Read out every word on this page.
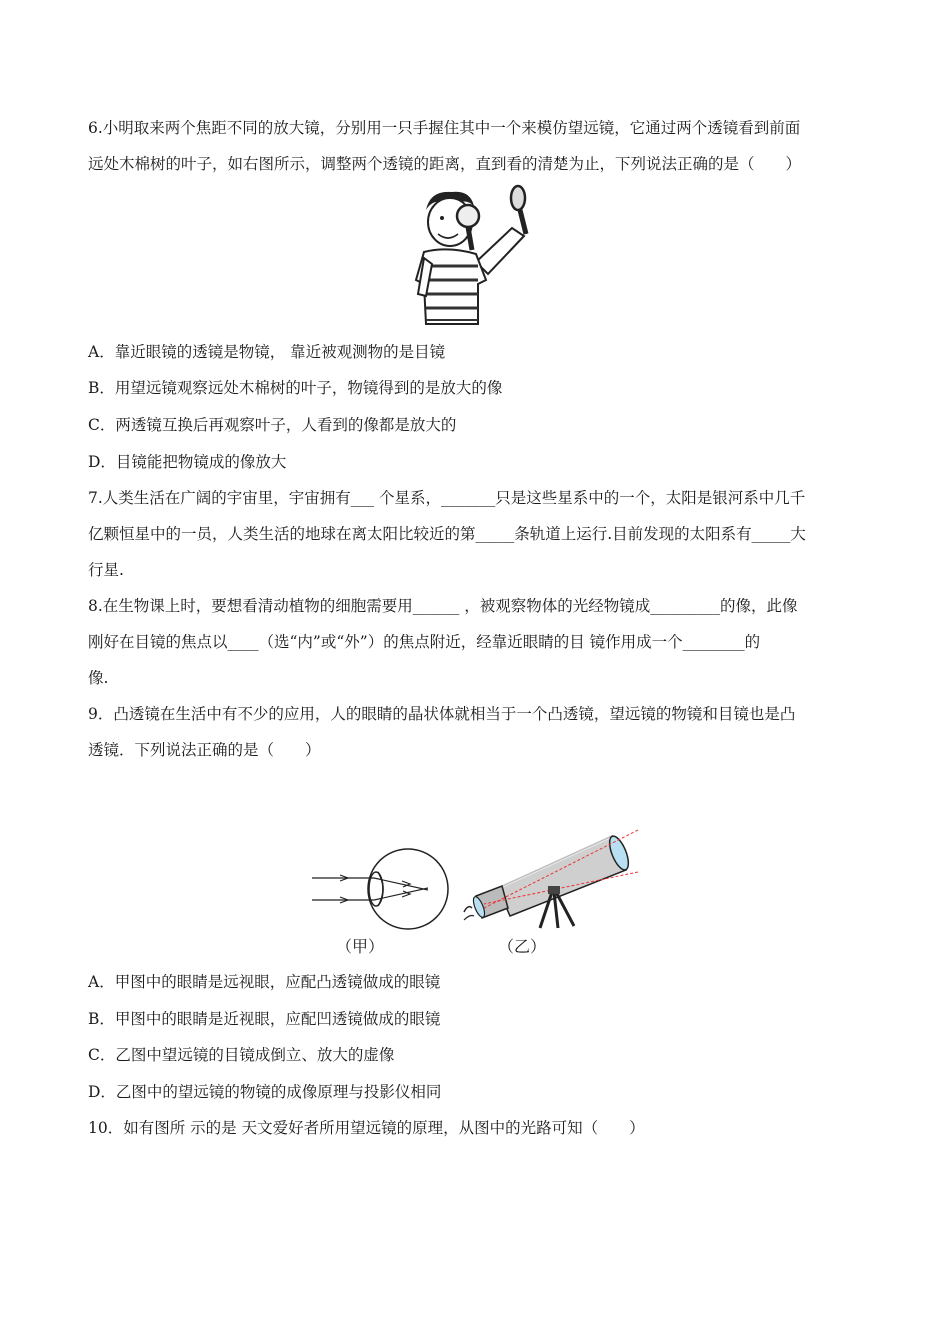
6.小明取来两个焦距不同的放大镜，分别用一只手握住其中一个来模仿望远镜，它通过两个透镜看到前面
远处木棉树的叶子，如右图所示，调整两个透镜的距离，直到看的清楚为止，下列说法正确的是（　　）
A．靠近眼镜的透镜是物镜， 靠近被观测物的是目镜
B．用望远镜观察远处木棉树的叶子，物镜得到的是放大的像
C．两透镜互换后再观察叶子，人看到的像都是放大的
D．目镜能把物镜成的像放大
7.人类生活在广阔的宇宙里，宇宙拥有___ 个星系，_______只是这些星系中的一个，太阳是银河系中几千
亿颗恒星中的一员，人类生活的地球在离太阳比较近的第_____条轨道上运行.目前发现的太阳系有_____大
行星.
8.在生物课上时，要想看清动植物的细胞需要用______ ，被观察物体的光经物镜成_________的像，此像
刚好在目镜的焦点以____（选“内”或“外”）的焦点附近，经靠近眼睛的目 镜作用成一个________的
像.
9．凸透镜在生活中有不少的应用，人的眼睛的晶状体就相当于一个凸透镜，望远镜的物镜和目镜也是凸
透镜．下列说法正确的是（　　）
（甲）	（乙）
A．甲图中的眼睛是远视眼，应配凸透镜做成的眼镜
B．甲图中的眼睛是近视眼，应配凹透镜做成的眼镜
C．乙图中望远镜的目镜成倒立、放大的虚像
D．乙图中的望远镜的物镜的成像原理与投影仪相同
10．如有图所 示的是 天文爱好者所用望远镜的原理，从图中的光路可知（　　）
